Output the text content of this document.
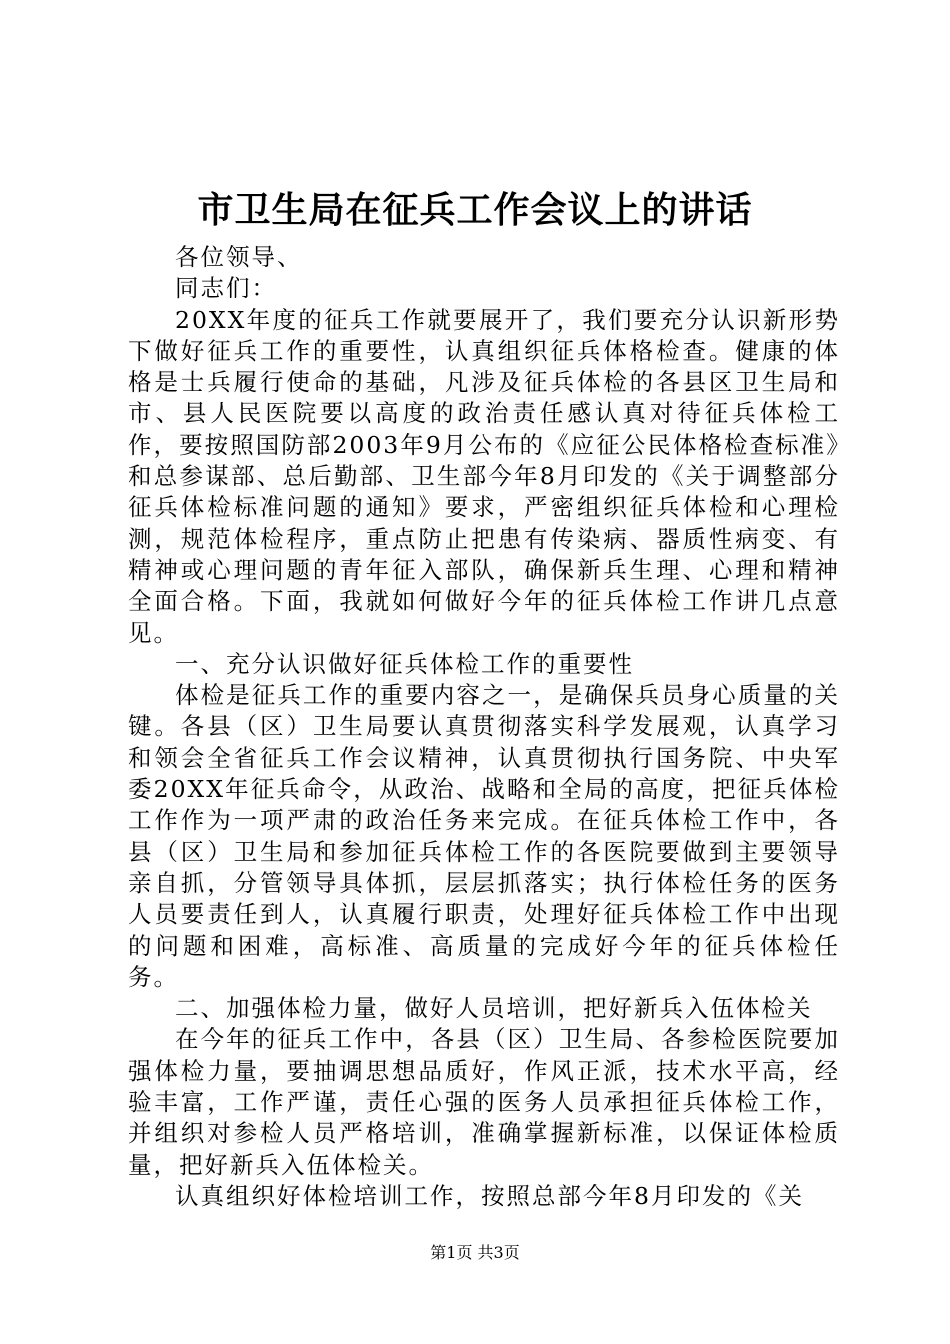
市卫生局在征兵工作会议上的讲话

各位领导、

同志们：

20XX年度的征兵工作就要展开了，我们要充分认识新形势下做好征兵工作的重要性，认真组织征兵体格检查。健康的体格是士兵履行使命的基础，凡涉及征兵体检的各县区卫生局和市、县人民医院要以高度的政治责任感认真对待征兵体检工作，要按照国防部2003年9月公布的《应征公民体格检查标准》和总参谋部、总后勤部、卫生部今年8月印发的《关于调整部分征兵体检标准问题的通知》要求，严密组织征兵体检和心理检测，规范体检程序，重点防止把患有传染病、器质性病变、有精神或心理问题的青年征入部队，确保新兵生理、心理和精神全面合格。下面，我就如何做好今年的征兵体检工作讲几点意见。

一、充分认识做好征兵体检工作的重要性

体检是征兵工作的重要内容之一，是确保兵员身心质量的关键。各县（区）卫生局要认真贯彻落实科学发展观，认真学习和领会全省征兵工作会议精神，认真贯彻执行国务院、中央军委20XX年征兵命令，从政治、战略和全局的高度，把征兵体检工作作为一项严肃的政治任务来完成。在征兵体检工作中，各县（区）卫生局和参加征兵体检工作的各医院要做到主要领导亲自抓，分管领导具体抓，层层抓落实；执行体检任务的医务人员要责任到人，认真履行职责，处理好征兵体检工作中出现的问题和困难，高标准、高质量的完成好今年的征兵体检任务。

二、加强体检力量，做好人员培训，把好新兵入伍体检关

在今年的征兵工作中，各县（区）卫生局、各参检医院要加强体检力量，要抽调思想品质好，作风正派，技术水平高，经验丰富，工作严谨，责任心强的医务人员承担征兵体检工作，并组织对参检人员严格培训，准确掌握新标准，以保证体检质量，把好新兵入伍体检关。

认真组织好体检培训工作，按照总部今年8月印发的《关

第1页 共3页
